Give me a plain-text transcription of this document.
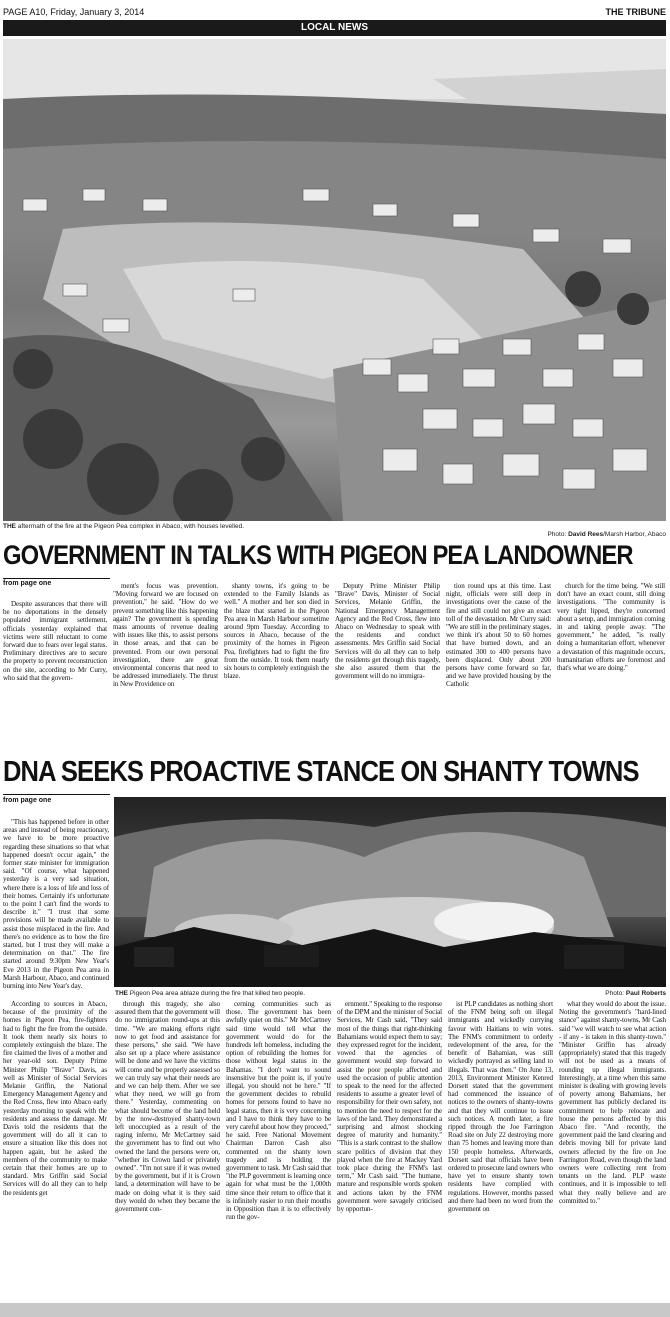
PAGE A10, Friday, January 3, 2014	THE TRIBUNE
LOCAL NEWS
THE aftermath of the fire at the Pigeon Pea complex in Abaco, with houses levelled.
Photo: David Rees/Marsh Harbor, Abaco
GOVERNMENT IN TALKS WITH PIGEON PEA LANDOWNER
from page one

Despite assurances that there will be no deportations in the densely populated immigrant settlement, officials yesterday explained that victims were still reluctant to come forward due to fears over legal status. Preliminary directives are to secure the property to prevent reconstruction on the site, according to Mr Curry, who said that the govern-

ment's focus was prevention. "Moving forward we are focused on prevention," he said. "How do we prevent something like this happening again? The government is spending mass amounts of revenue dealing with issues like this, to assist persons in those areas, and that can be prevented. From our own personal investigation, there are great environmental concerns that need to be addressed immediately. The thrust in New Providence on

shanty towns, it's going to be extended to the Family Islands as well." A mother and her son died in the blaze that started in the Pigeon Pea area in Marsh Harbour sometime around 9pm Tuesday. According to sources in Abaco, because of the proximity of the homes in Pigeon Pea, firefighters had to fight the fire from the outside. It took them nearly six hours to completely extinguish the blaze.

Deputy Prime Minister Philip "Brave" Davis, Minister of Social Services, Melanie Griffin, the National Emergency Management Agency and the Red Cross, flew into Abaco on Wednesday to speak with the residents and conduct assessments. Mrs Griffin said Social Services will do all they can to help the residents get through this tragedy, she also assured them that the government will do no immigra-

tion round ups at this time. Last night, officials were still deep in investigations over the cause of the fire and still could not give an exact toll of the devastation. Mr Curry said: "We are still in the preliminary stages, we think it's about 50 to 60 homes that have burned down, and an estimated 300 to 400 persons have been displaced. Only about 200 persons have come forward so far, and we have provided housing by the Catholic

church for the time being. "We still don't have an exact count, still doing investigations. "The community is very tight lipped, they're concerned about a setup, and immigration coming in and taking people away. "The government," he added, "is really doing a humanitarian effort, whenever a devastation of this magnitude occurs, humanitarian efforts are foremost and that's what we are doing."

DNA SEEKS PROACTIVE STANCE ON SHANTY TOWNS
from page one

"This has happened before in other areas and instead of being reactionary, we have to be more proactive regarding these situations so that what happened doesn't occur again," the former state minister for immigration said. "Of course, what happened yesterday is a very sad situation, where there is a loss of life and loss of their homes. Certainly it's unfortunate to the point I can't find the words to describe it." "I trust that some provisions will be made available to assist those misplaced in the fire. And there's no evidence as to how the fire started, but I trust they will make a determination on that." The fire started around 9:30pm New Year's Eve 2013 in the Pigeon Pea area in Marsh Harbour, Abaco, and continued burning into New Year's day.

THE Pigeon Pea area ablaze during the fire that killed two people.	Photo: Paul Roberts

According to sources in Abaco, because of the proximity of the homes in Pigeon Pea, fire-fighters had to fight the fire from the outside. It took them nearly six hours to completely extinguish the blaze. The fire claimed the lives of a mother and her year-old son. Deputy Prime Minister Philip "Brave" Davis, as well as Minister of Social Services Melanie Griffin, the National Emergency Management Agency and the Red Cross, flew into Abaco early yesterday morning to speak with the residents and assess the damage. Mr Davis told the residents that the government will do all it can to ensure a situation like this does not happen again, but he asked the members of the community to make certain that their homes are up to standard. Mrs Griffin said Social Services will do all they can to help the residents get

through this tragedy, she also assured them that the government will do no immigration round-ups at this time. "We are making efforts right now to get food and assistance for these persons," she said. "We have also set up a place where assistance will be done and we have the victims will come and be properly assessed so we can truly say what their needs are and we can help them. After we see what they need, we will go from there." Yesterday, commenting on what should become of the land held by the now-destroyed shanty-town left unoccupied as a result of the raging inferno, Mr McCartney said the government has to find out who owned the land the persons were on, "whether its Crown land or privately owned". "I'm not sure if it was owned by the government, but if it is Crown land, a determination will have to be made on doing what it is they said they would do when they became the government con-

cerning communities such as those. The government has been awfully quiet on this." Mr McCartney said time would tell what the government would do for the hundreds left homeless, including the option of rebuilding the homes for those without legal status in the Bahamas. "I don't want to sound insensitive but the point is, if you're illegal, you should not be here." "If the government decides to rebuild homes for persons found to have no legal status, then it is very concerning and I have to think they have to be very careful about how they proceed," he said. Free National Movement Chairman Darron Cash also commented on the shanty town tragedy and is holding the government to task. Mr Cash said that "the PLP government is learning once again for what must be the 1,000th time since their return to office that it is infinitely easier to run their mouths in Opposition than it is to effectively run the gov-

ernment." Speaking to the response of the DPM and the minister of Social Services, Mr Cash said, "They said most of the things that right-thinking Bahamians would expect them to say; they expressed regret for the incident, vowed that the agencies of government would step forward to assist the poor people affected and used the occasion of public attention to speak to the need for the affected residents to assume a greater level of responsibility for their own safety, not to mention the need to respect for the laws of the land. They demonstrated a surprising and almost shocking degree of maturity and humanity." "This is a stark contrast to the shallow scare politics of division that they played when the fire at Mackey Yard took place during the FNM's last term," Mr Cash said. "The humane, mature and responsible words spoken and actions taken by the FNM government were savagely criticised by opportun-

ist PLP candidates as nothing short of the FNM being soft on illegal immigrants and wickedly currying favour with Haitians to win votes. The FNM's commitment to orderly redevelopment of the area, for the benefit of Bahamian, was still wickedly portrayed as selling land to illegals. That was then." On June 13, 2013, Environment Minister Kenred Dorsett stated that the government had commenced the issuance of notices to the owners of shanty-towns and that they will continue to issue such notices. A month later, a fire ripped through the Joe Farrington Road site on July 22 destroying more than 75 homes and leaving more than 150 people homeless. Afterwards, Dorsett said that officials have been ordered to prosecute land owners who have yet to ensure shanty town residents have complied with regulations. However, months passed and there had been no word from the government on

what they would do about the issue. Noting the government's "hard-lined stance" against shanty-towns, Mr Cash said "we will watch to see what action - if any - is taken in this shanty-town." "Minister Griffin has already (appropriately) stated that this tragedy will not be used as a means of rounding up illegal immigrants. Interestingly, at a time when this same minister is dealing with growing levels of poverty among Bahamians, her government has publicly declared its commitment to help relocate and house the persons affected by this Abaco fire. "And recently, the government paid the land clearing and debris moving bill for private land owners affected by the fire on Joe Farrington Road, even though the land owners were collecting rent from tenants on the land. PLP waste continues, and it is impossible to tell what they really believe and are committed to."
